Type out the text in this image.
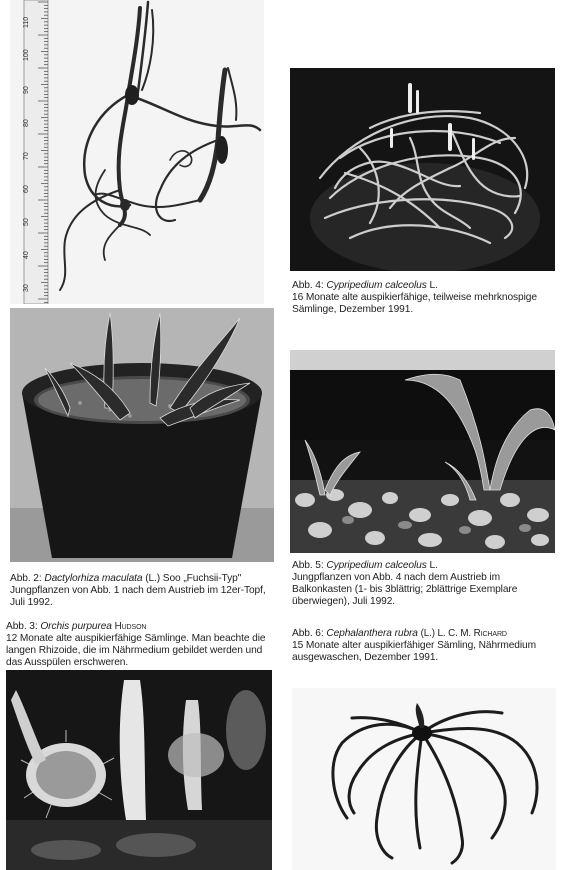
110
100
90
80
70
60
50
40
30	Abb. 4: Cypripedium calceolus L.
16 Monate alte auspikierfähige, teilweise mehrknospige Sämlinge, Dezember 1991.
Abb. 2: Dactylorhiza maculata (L.) Soo „Fuchsii-Typ"
Jungpflanzen von Abb. 1 nach dem Austrieb im 12er-Topf, Juli 1992.
Abb. 5: Cypripedium calceolus L.
Jungpflanzen von Abb. 4 nach dem Austrieb im Balkonkasten (1- bis 3blättrig; 2blättrige Exemplare überwiegen), Juli 1992.
Abb. 3: Orchis purpurea Hudson
12 Monate alte auspikierfähige Sämlinge. Man beachte die langen Rhizoide, die im Nährmedium gebildet werden und das Ausspülen erschweren.
Abb. 6: Cephalanthera rubra (L.) L. C. M. Richard
15 Monate alter auspikierfähiger Sämling, Nährmedium ausgewaschen, Dezember 1991.
